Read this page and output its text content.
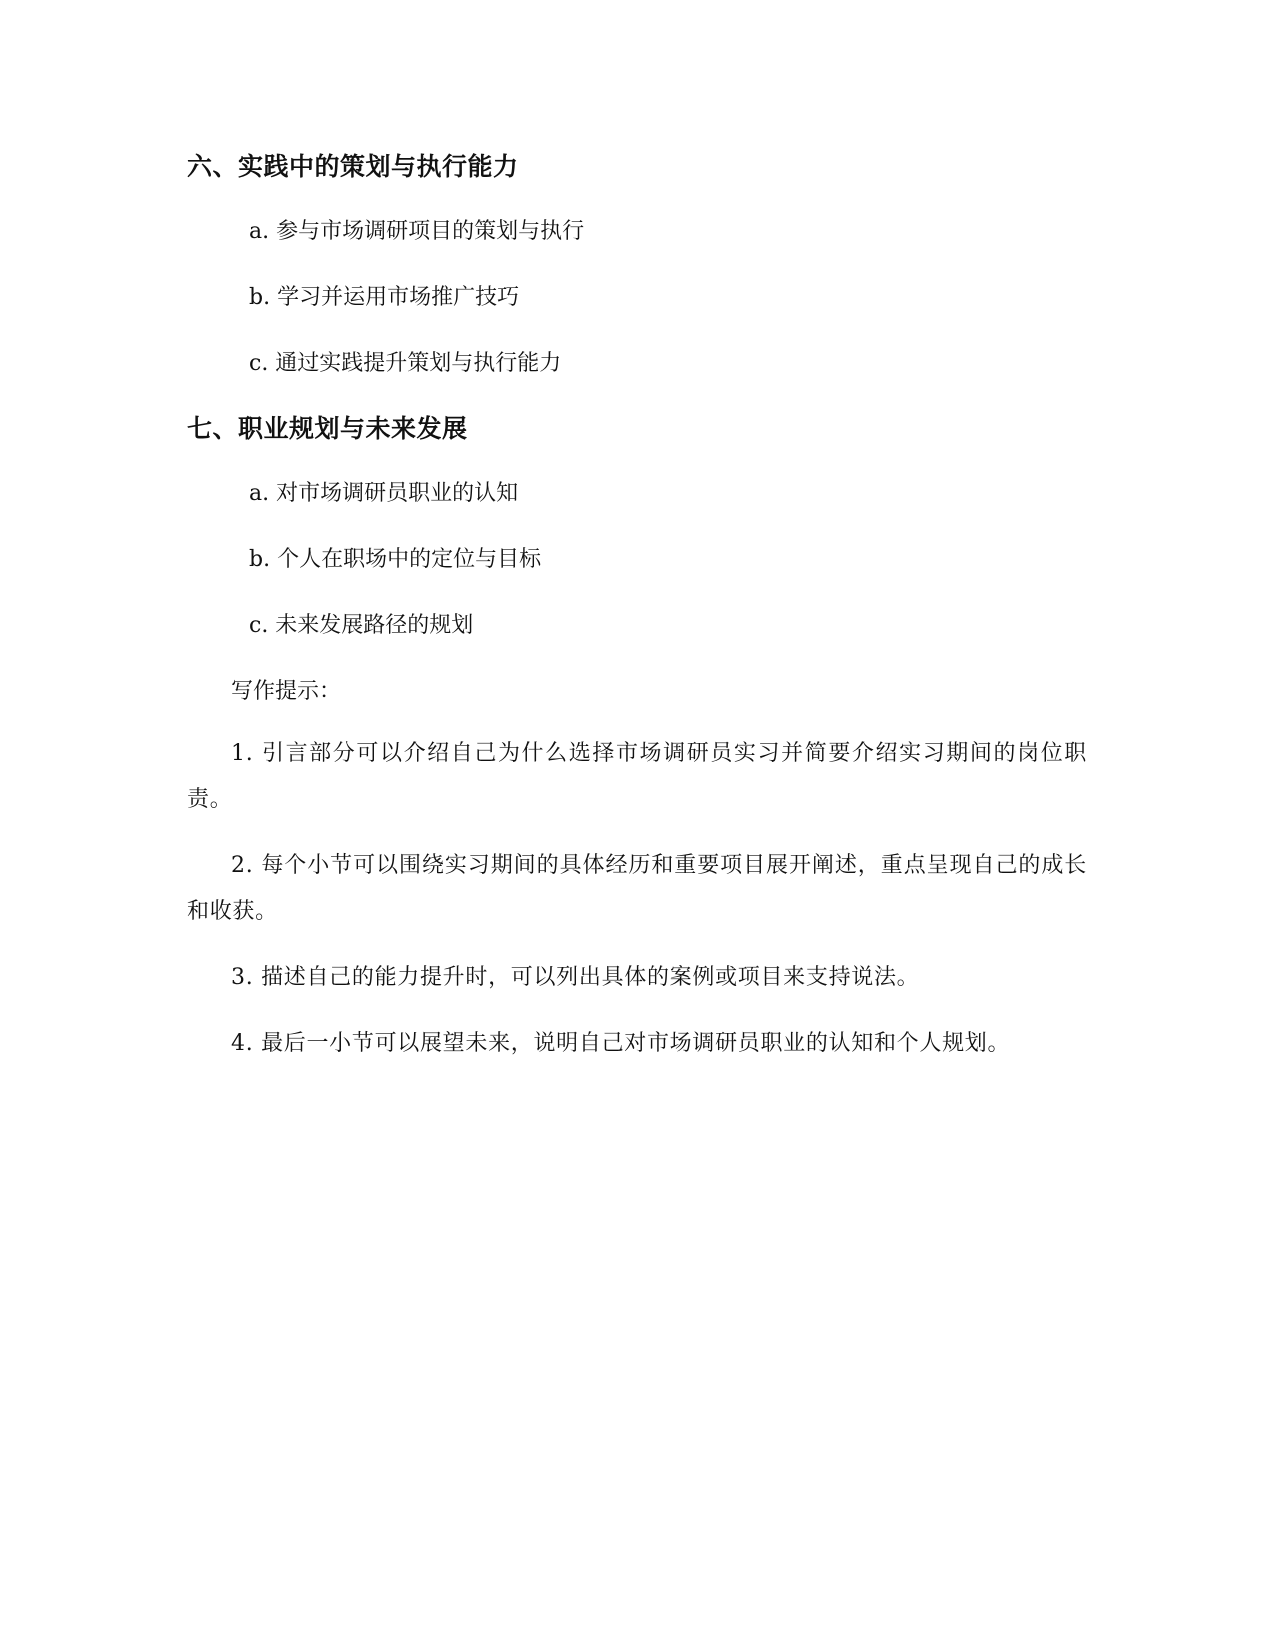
六、实践中的策划与执行能力

a. 参与市场调研项目的策划与执行

b. 学习并运用市场推广技巧

c. 通过实践提升策划与执行能力

七、职业规划与未来发展

a. 对市场调研员职业的认知

b. 个人在职场中的定位与目标

c. 未来发展路径的规划

写作提示：

1. 引言部分可以介绍自己为什么选择市场调研员实习并简要介绍实习期间的岗位职责。

2. 每个小节可以围绕实习期间的具体经历和重要项目展开阐述，重点呈现自己的成长和收获。

3. 描述自己的能力提升时，可以列出具体的案例或项目来支持说法。

4. 最后一小节可以展望未来，说明自己对市场调研员职业的认知和个人规划。
